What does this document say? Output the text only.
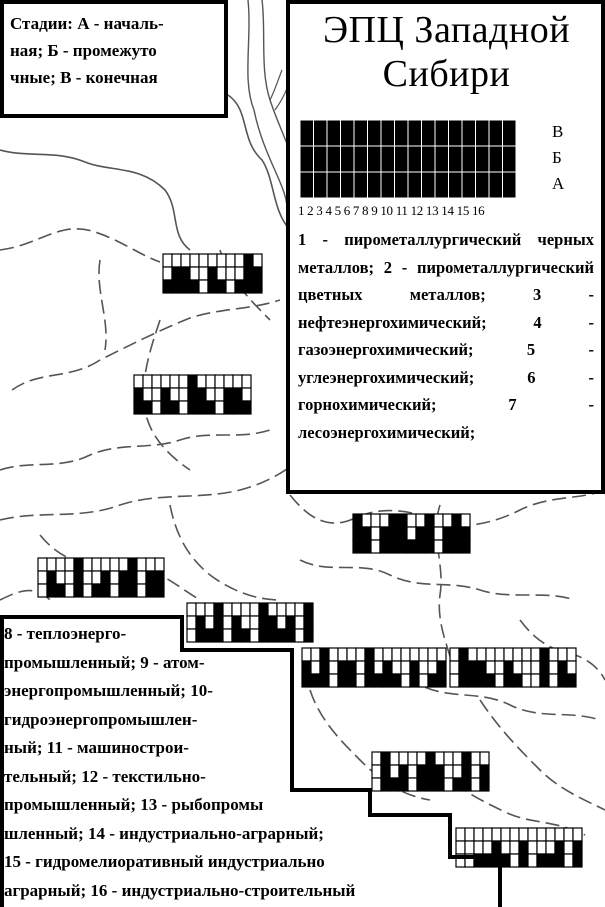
Стадии: А - началь-
ная; Б - промежуто
чные; В - конечная
ЭПЦ Западной
Сибири
В
Б
А
1 2 3 4 5 6 7 8 9 10 11 12 13 14 15 16
1 - пирометаллургический черных металлов; 2 - пирометаллургический цветных металлов; 3 - нефтеэнергохимический; 4 - газоэнергохимический; 5 - углеэнергохимический; 6 - горнохимический; 7 - лесоэнергохимический;
8 - теплоэнерго-
промышленный; 9 - атом-
энергопромышленный; 10-
гидроэнергопромышлен-
ный; 11 - машинострои-
тельный; 12 - текстильно-
промышленный; 13 - рыбопромы
шленный; 14 - индустриально-аграрный;
15 - гидромелиоративный индустриально
аграрный; 16 - индустриально-строительный
